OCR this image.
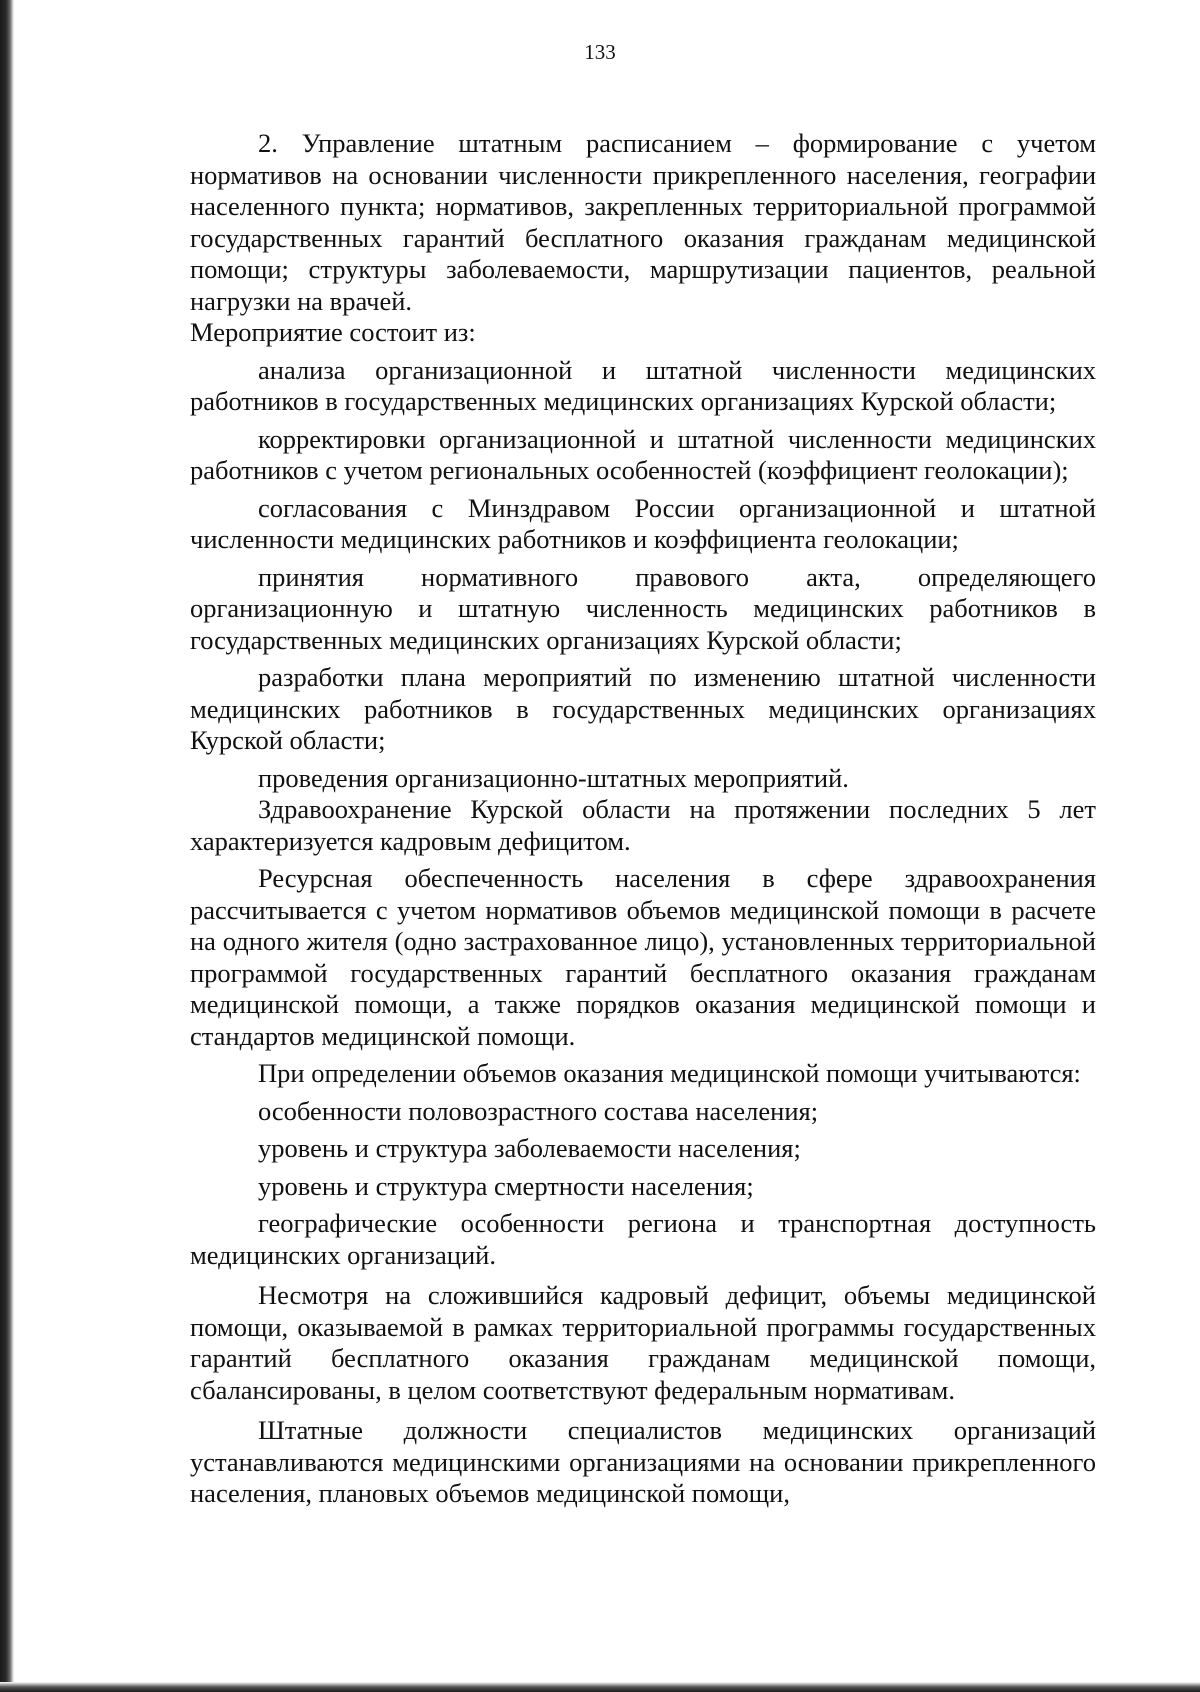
133

2. Управление штатным расписанием – формирование с учетом нормативов на основании численности прикрепленного населения, географии населенного пункта; нормативов, закрепленных территориальной программой государственных гарантий бесплатного оказания гражданам медицинской помощи; структуры заболеваемости, маршрутизации пациентов, реальной нагрузки на врачей.

Мероприятие состоит из:

анализа организационной и штатной численности медицинских работников в государственных медицинских организациях Курской области;

корректировки организационной и штатной численности медицинских работников с учетом региональных особенностей (коэффициент геолокации);

согласования с Минздравом России организационной и штатной численности медицинских работников и коэффициента геолокации;

принятия нормативного правового акта, определяющего организационную и штатную численность медицинских работников в государственных медицинских организациях Курской области;

разработки плана мероприятий по изменению штатной численности медицинских работников в государственных медицинских организациях Курской области;

проведения организационно-штатных мероприятий.

Здравоохранение Курской области на протяжении последних 5 лет характеризуется кадровым дефицитом.

Ресурсная обеспеченность населения в сфере здравоохранения рассчитывается с учетом нормативов объемов медицинской помощи в расчете на одного жителя (одно застрахованное лицо), установленных территориальной программой государственных гарантий бесплатного оказания гражданам медицинской помощи, а также порядков оказания медицинской помощи и стандартов медицинской помощи.

При определении объемов оказания медицинской помощи учитываются:

особенности половозрастного состава населения;

уровень и структура заболеваемости населения;

уровень и структура смертности населения;

географические особенности региона и транспортная доступность медицинских организаций.

Несмотря на сложившийся кадровый дефицит, объемы медицинской помощи, оказываемой в рамках территориальной программы государственных гарантий бесплатного оказания гражданам медицинской помощи, сбалансированы, в целом соответствуют федеральным нормативам.

Штатные должности специалистов медицинских организаций устанавливаются медицинскими организациями на основании прикрепленного населения, плановых объемов медицинской помощи,
